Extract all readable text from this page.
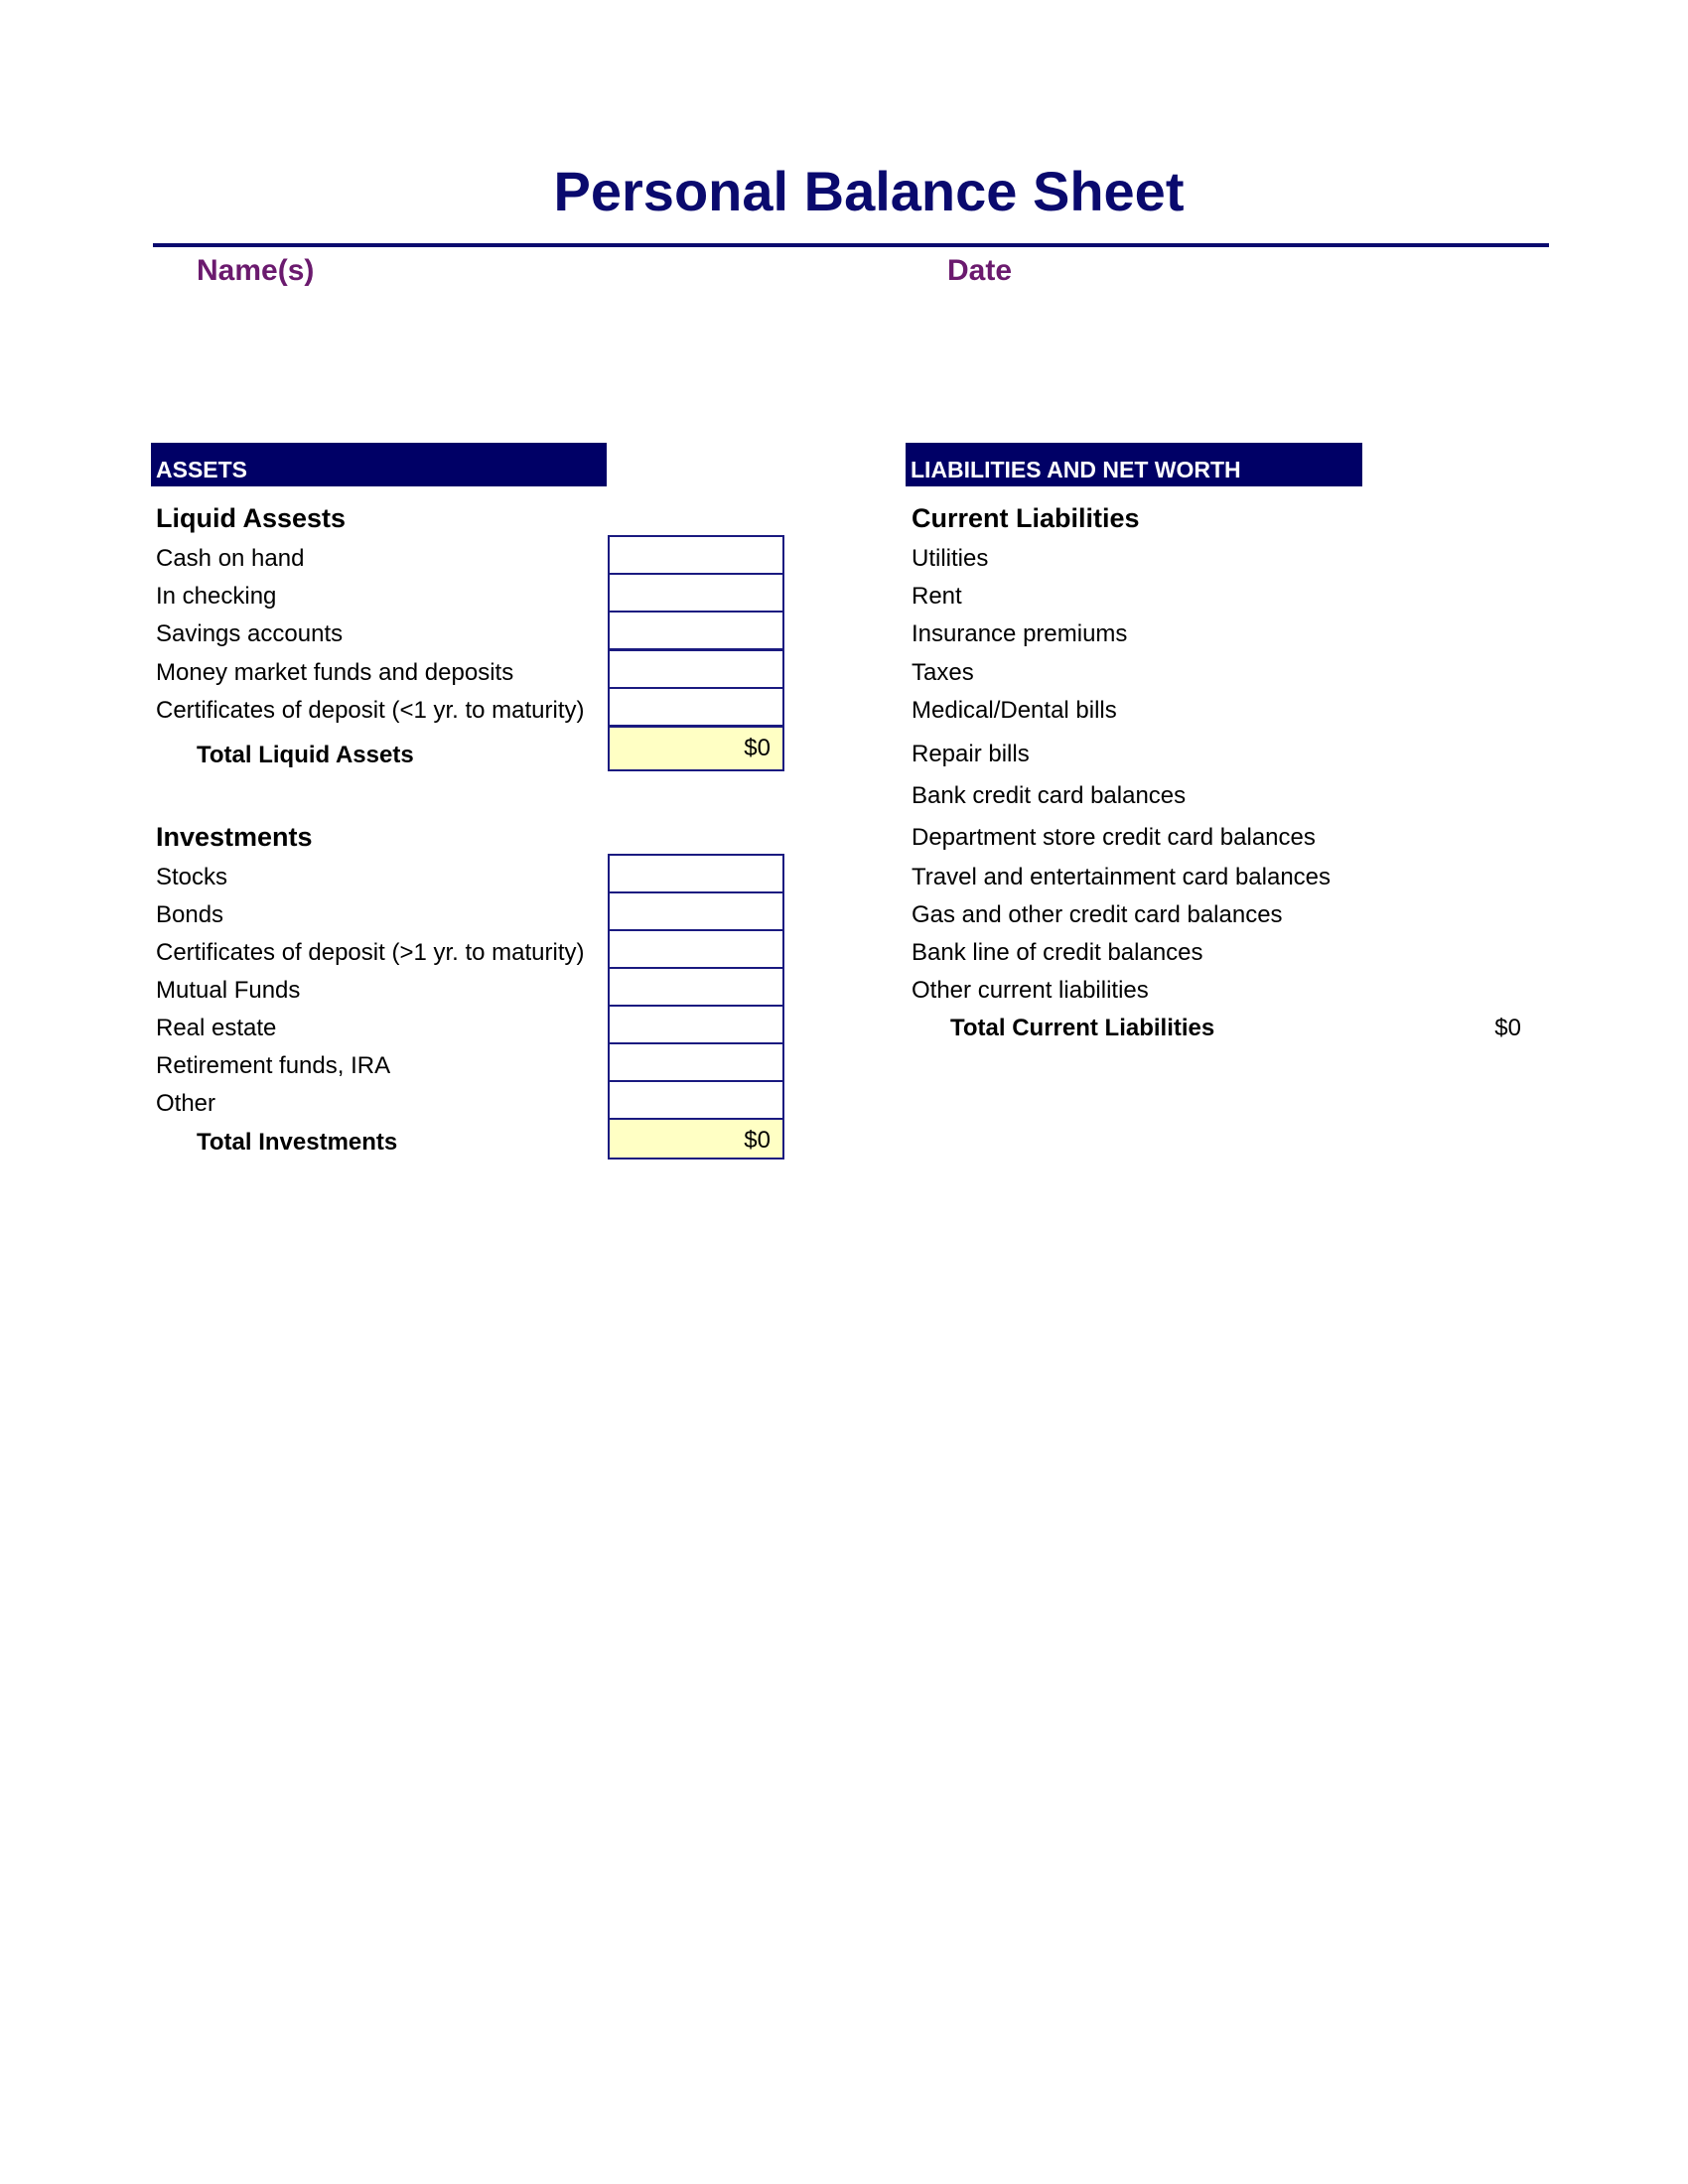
Personal Balance Sheet
Name(s)	Date
ASSETS
Liquid Assests
Cash on hand
In checking
Savings accounts
Money market funds and deposits
Certificates of deposit (<1 yr. to maturity)
Total Liquid Assets	$0
Investments
Stocks
Bonds
Certificates of deposit (>1 yr. to maturity)
Mutual Funds
Real estate
Retirement funds, IRA
Other
Total Investments	$0
LIABILITIES AND NET WORTH
Current Liabilities
Utilities
Rent
Insurance premiums
Taxes
Medical/Dental bills
Repair bills
Bank credit card balances
Department store credit card balances
Travel and entertainment card balances
Gas and other credit card balances
Bank line of credit balances
Other current liabilities
Total Current Liabilities	$0
